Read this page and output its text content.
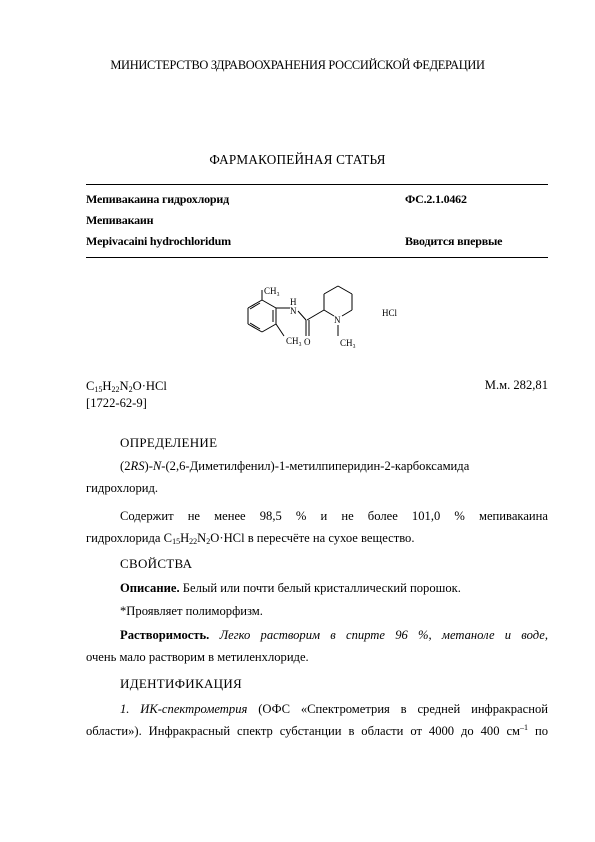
МИНИСТЕРСТВО ЗДРАВООХРАНЕНИЯ РОССИЙСКОЙ ФЕДЕРАЦИИ
ФАРМАКОПЕЙНАЯ СТАТЬЯ
Мепивакаина гидрохлорид	ФС.2.1.0462
Мепивакаин
Mepivacaini hydrochloridum	Вводится впервые
CH₃
CH₃
H
N
O
N
CH₃
HCl
$C_{15}H_{22}N_2O\cdot HCl$
[1722-62-9]
М.м. 282,81
ОПРЕДЕЛЕНИЕ
(2RS)-N-(2,6-Диметилфенил)-1-метилпиперидин-2-карбоксамида
гидрохлорид.
Содержит не менее 98,5 % и не более 101,0 % мепивакаина
гидрохлорида $C_{15}H_{22}N_2O\cdot HCl$ в пересчёте на сухое вещество.
СВОЙСТВА
Описание. Белый или почти белый кристаллический порошок.
*Проявляет полиморфизм.
Растворимость. Легко растворим в спирте 96 %, метаноле и воде,
очень мало растворим в метиленхлориде.
ИДЕНТИФИКАЦИЯ
1. ИК-спектрометрия (ОФС «Спектрометрия в средней инфракрасной
области»). Инфракрасный спектр субстанции в области от 4000 до 400 $см^{-1}$ по
